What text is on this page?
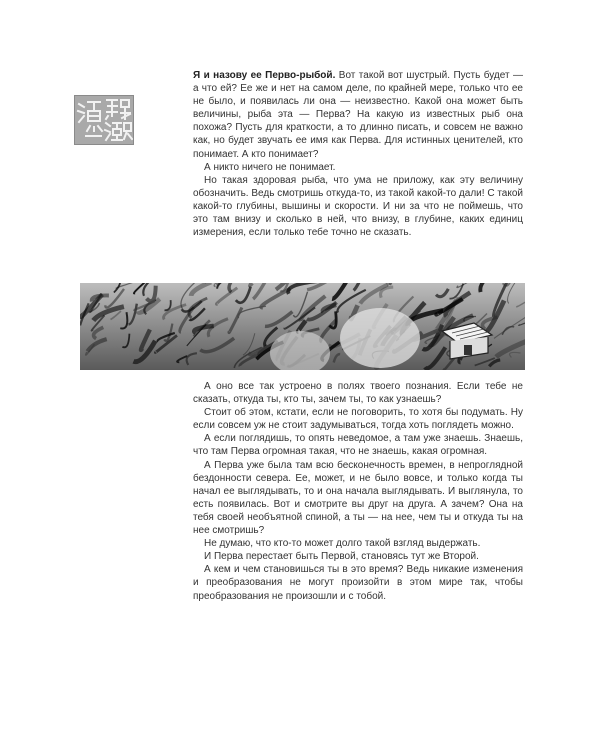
Я и назову ее Перво-рыбой. Вот такой вот шустрый. Пусть будет — а что ей? Ее же и нет на самом деле, по крайней мере, только что ее не было, и появилась ли она — неизвестно. Какой она может быть величины, рыба эта — Перва? На какую из известных рыб она похожа? Пусть для краткости, а то длинно писать, и совсем не важно как, но будет звучать ее имя как Перва. Для истинных ценителей, кто понимает. А кто понимает?

А никто ничего не понимает.

Но такая здоровая рыба, что ума не приложу, как эту величину обозначить. Ведь смотришь откуда-то, из такой какой-то дали! С такой какой-то глубины, вышины и скорости. И ни за что не поймешь, что это там внизу и сколько в ней, что внизу, в глубине, каких единиц измерения, если только тебе точно не сказать.

А оно все так устроено в полях твоего познания. Если тебе не сказать, откуда ты, кто ты, зачем ты, то как узнаешь?

Стоит об этом, кстати, если не поговорить, то хотя бы подумать. Ну если совсем уж не стоит задумываться, тогда хоть поглядеть можно.

А если поглядишь, то опять неведомое, а там уже знаешь. Знаешь, что там Перва огромная такая, что не знаешь, какая огромная.

А Перва уже была там всю бесконечность времен, в непроглядной бездонности севера. Ее, может, и не было вовсе, и только когда ты начал ее выглядывать, то и она начала выглядывать. И выглянула, то есть появилась. Вот и смотрите вы друг на друга. А зачем? Она на тебя своей необъятной спиной, а ты — на нее, чем ты и откуда ты на нее смотришь?

Не думаю, что кто-то может долго такой взгляд выдержать.

И Перва перестает быть Первой, становясь тут же Второй.

А кем и чем становишься ты в это время? Ведь никакие изменения и преобразования не могут произойти в этом мире так, чтобы преобразования не произошли и с тобой.
